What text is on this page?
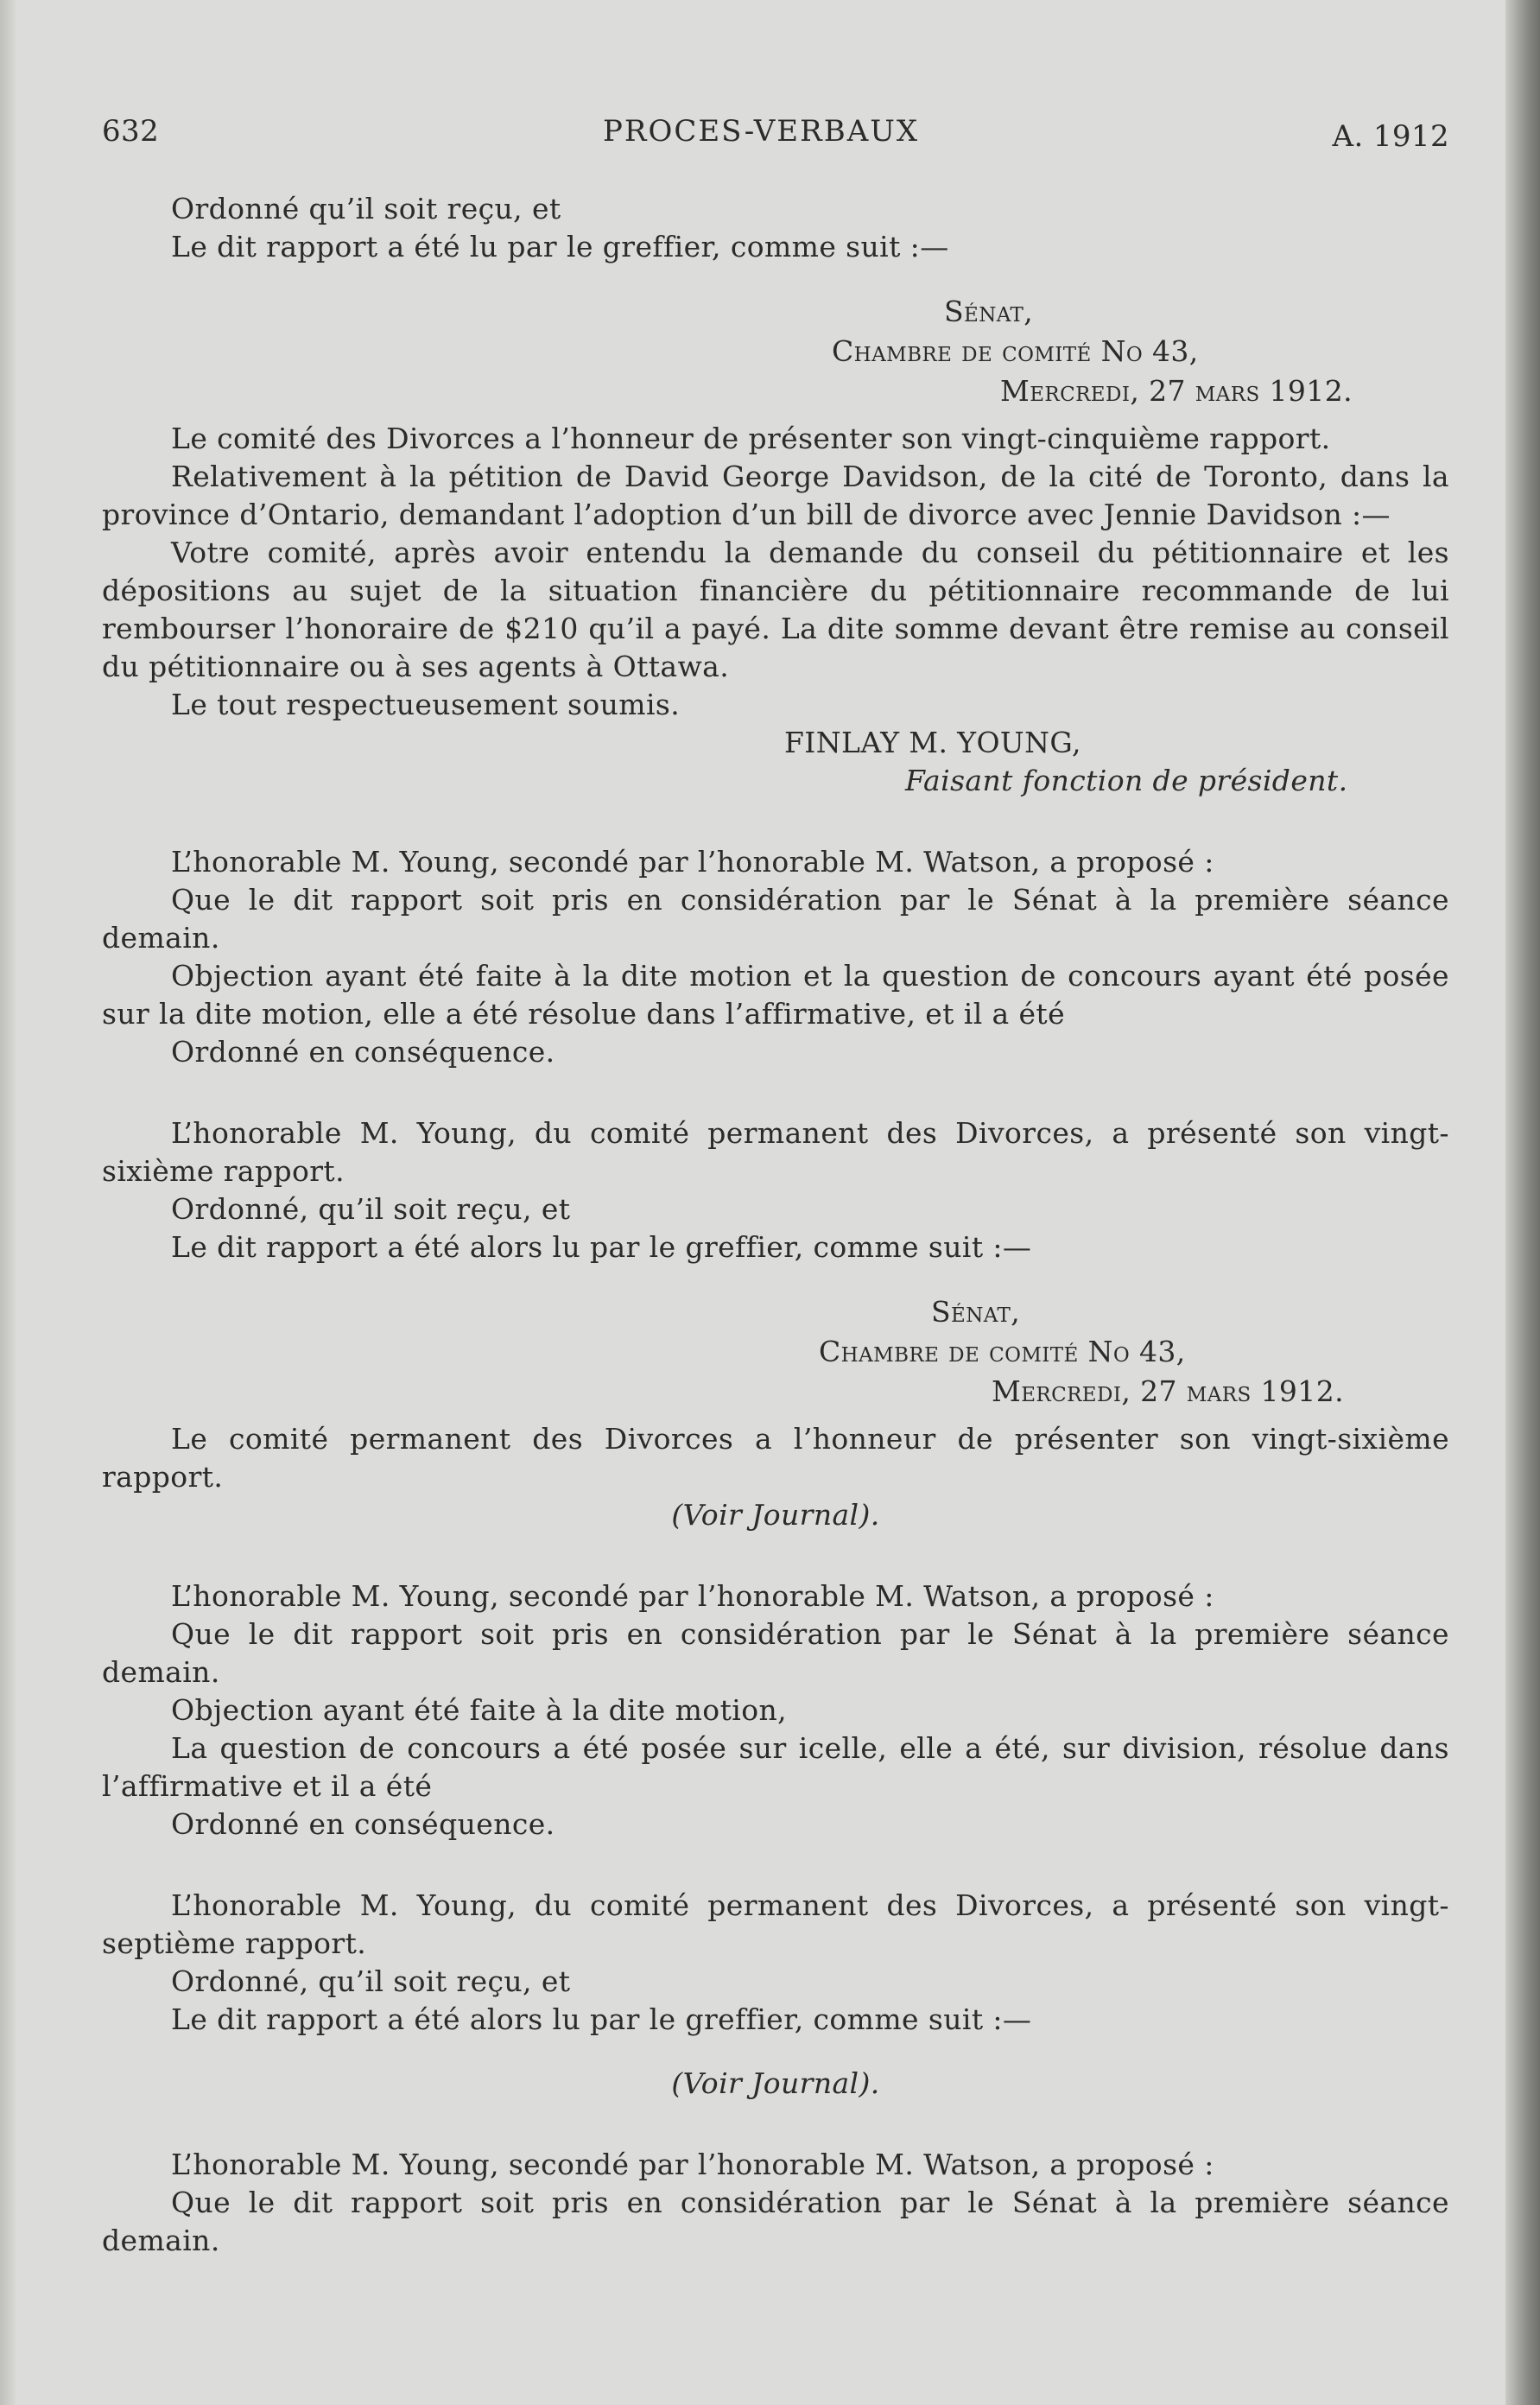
632	PROCES-VERBAUX	A. 1912

Ordonné qu’il soit reçu, et

Le dit rapport a été lu par le greffier, comme suit :—

Sénat,

Chambre de comité No 43,

Mercredi, 27 mars 1912.

Le comité des Divorces a l’honneur de présenter son vingt-cinquième rapport.

Relativement à la pétition de David George Davidson, de la cité de Toronto, dans la province d’Ontario, demandant l’adoption d’un bill de divorce avec Jennie Davidson :—

Votre comité, après avoir entendu la demande du conseil du pétitionnaire et les dépositions au sujet de la situation financière du pétitionnaire recommande de lui rembourser l’honoraire de $210 qu’il a payé. La dite somme devant être remise au conseil du pétitionnaire ou à ses agents à Ottawa.

Le tout respectueusement soumis.

FINLAY M. YOUNG,

Faisant fonction de président.

L’honorable M. Young, secondé par l’honorable M. Watson, a proposé :

Que le dit rapport soit pris en considération par le Sénat à la première séance demain.

Objection ayant été faite à la dite motion et la question de concours ayant été posée sur la dite motion, elle a été résolue dans l’affirmative, et il a été

Ordonné en conséquence.

L’honorable M. Young, du comité permanent des Divorces, a présenté son vingt-sixième rapport.

Ordonné, qu’il soit reçu, et

Le dit rapport a été alors lu par le greffier, comme suit :—

Sénat,

Chambre de comité No 43,

Mercredi, 27 mars 1912.

Le comité permanent des Divorces a l’honneur de présenter son vingt-sixième rapport.

(Voir Journal).

L’honorable M. Young, secondé par l’honorable M. Watson, a proposé :

Que le dit rapport soit pris en considération par le Sénat à la première séance demain.

Objection ayant été faite à la dite motion,

La question de concours a été posée sur icelle, elle a été, sur division, résolue dans l’affirmative et il a été

Ordonné en conséquence.

L’honorable M. Young, du comité permanent des Divorces, a présenté son vingt-septième rapport.

Ordonné, qu’il soit reçu, et

Le dit rapport a été alors lu par le greffier, comme suit :—

(Voir Journal).

L’honorable M. Young, secondé par l’honorable M. Watson, a proposé :

Que le dit rapport soit pris en considération par le Sénat à la première séance demain.
